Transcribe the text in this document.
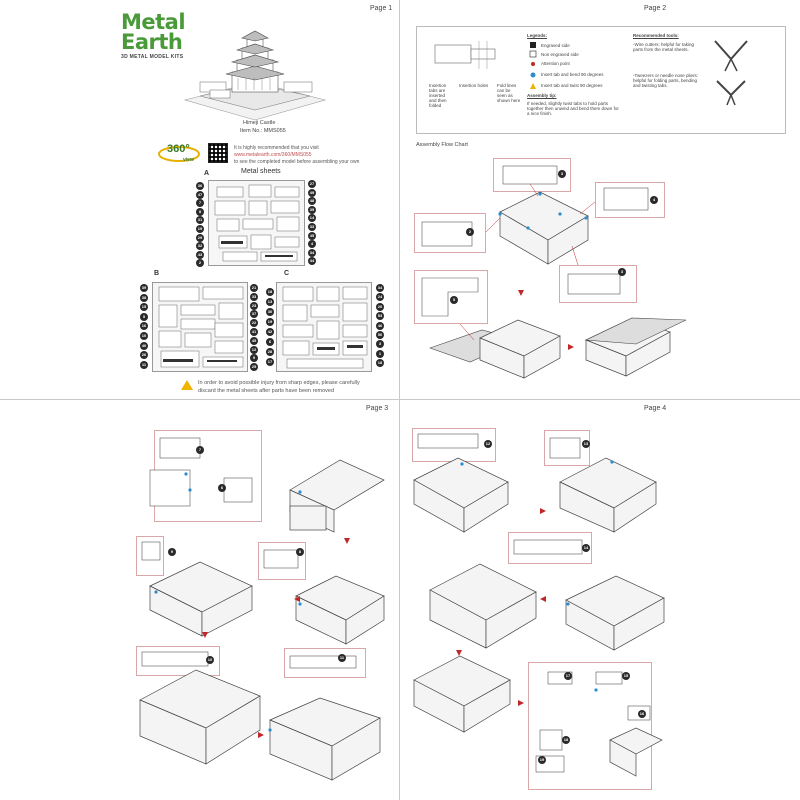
Page 1
Metal
Earth
3D METAL MODEL KITS
Himeji Castle
Item No.: MMS055
360°
view
It is highly recommended that you visit
www.metalearth.com/360/MMS055
to see the completed model before assembling your own
Metal sheets
A
36
47
7
8
31
19
29
32
43
2
27
49
48
35
14
33
45
4
34
44
B	C
39
38
15
5
16
10
40
26
11
21
33
23
37
22
41
45
12
9
25
18
13
30
19
42
6
28
17
34
24
20
53
46
50
3
1
18
In order to avoid possible injury from sharp edges, please carefully
discard the metal sheets after parts have been removed
Page 2
Insertion tabs are inserted and then folded
Insertion holes Fold lines can be seen as shown here
Legends:
Engraved side
Non engraved side
Attention point
Insert tab and bend 90 degrees
Insert tab and twist 90 degrees
Assembly tip:
If needed, slightly twist tabs to hold parts together then unwind and bend them down for a nice finish.
Recommended tools:
-Wire cutters: helpful for taking parts from the metal sheets.
-Tweezers or needle nose pliers: helpful for folding parts, bending and twisting tabs.
Assembly Flow Chart
3
4
2
3
5
Page 3
7
6
9	8
10	11
Page 4
12	13
14
17	15
16
18
19
